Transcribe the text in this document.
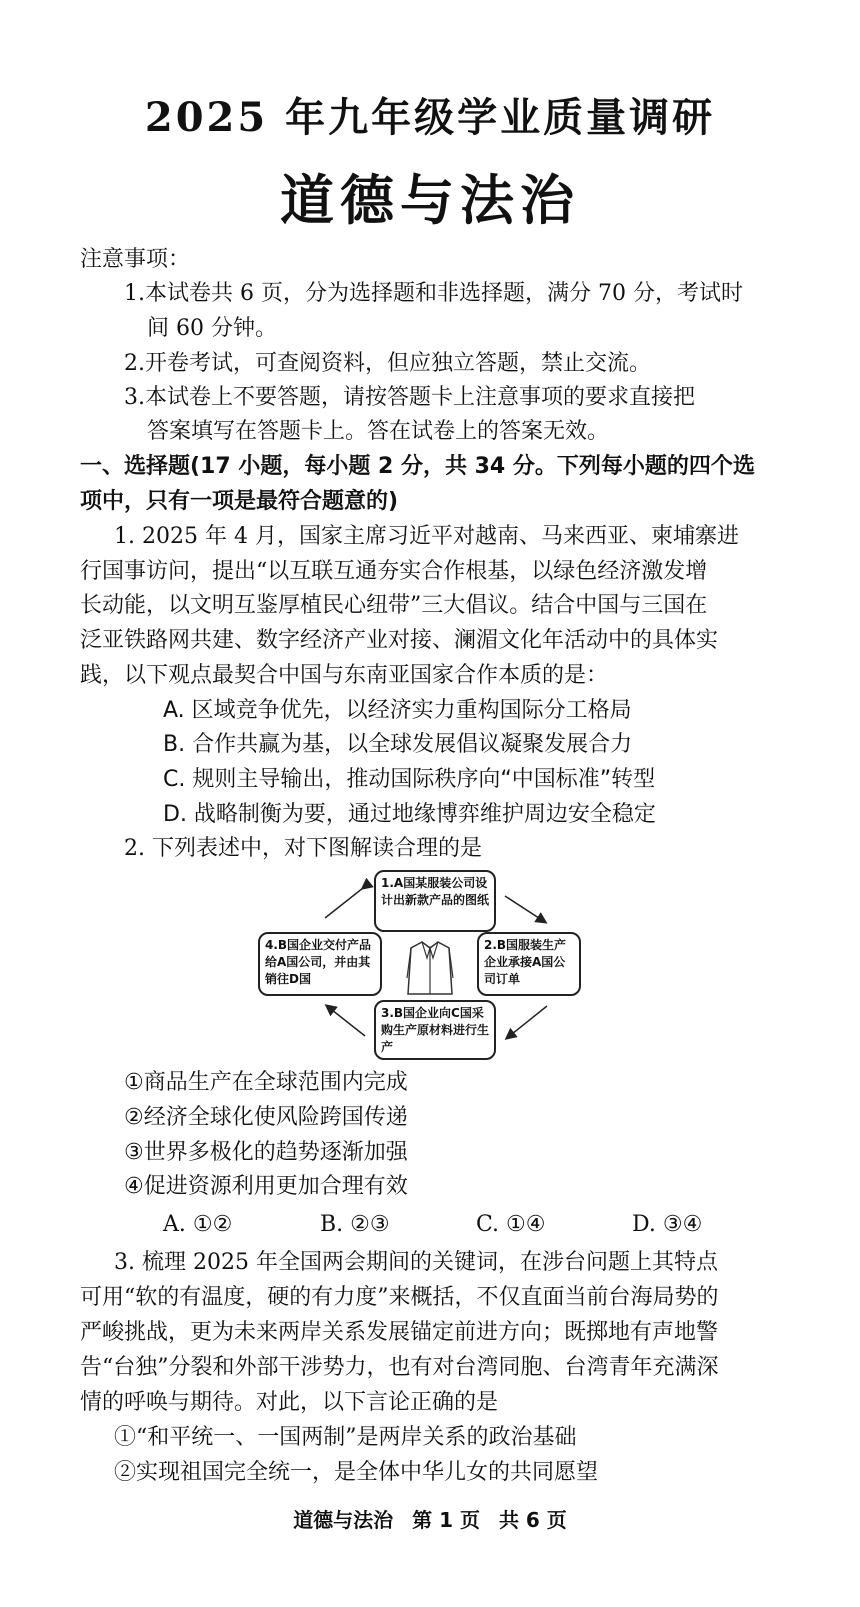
2025 年九年级学业质量调研
道德与法治
注意事项：
1.本试卷共 6 页，分为选择题和非选择题，满分 70 分，考试时
间 60 分钟。
2.开卷考试，可查阅资料，但应独立答题，禁止交流。
3.本试卷上不要答题，请按答题卡上注意事项的要求直接把
答案填写在答题卡上。答在试卷上的答案无效。
一、选择题(17 小题，每小题 2 分，共 34 分。下列每小题的四个选
项中，只有一项是最符合题意的)
1. 2025 年 4 月，国家主席习近平对越南、马来西亚、柬埔寨进
行国事访问，提出“以互联互通夯实合作根基，以绿色经济激发增
长动能，以文明互鉴厚植民心纽带”三大倡议。结合中国与三国在
泛亚铁路网共建、数字经济产业对接、澜湄文化年活动中的具体实
践，以下观点最契合中国与东南亚国家合作本质的是：
A. 区域竞争优先，以经济实力重构国际分工格局
B. 合作共赢为基，以全球发展倡议凝聚发展合力
C. 规则主导输出，推动国际秩序向“中国标准”转型
D. 战略制衡为要，通过地缘博弈维护周边安全稳定
2. 下列表述中，对下图解读合理的是
1.A国某服装公司设计出新款产品的图纸
2.B国服装生产企业承接A国公司订单
3.B国企业向C国采购生产原材料进行生产
4.B国企业交付产品给A国公司，并由其销往D国
①商品生产在全球范围内完成
②经济全球化使风险跨国传递
③世界多极化的趋势逐渐加强
④促进资源利用更加合理有效
A. ①②	B. ②③	C. ①④	D. ③④
3. 梳理 2025 年全国两会期间的关键词，在涉台问题上其特点
可用“软的有温度，硬的有力度”来概括，不仅直面当前台海局势的
严峻挑战，更为未来两岸关系发展锚定前进方向；既掷地有声地警
告“台独”分裂和外部干涉势力，也有对台湾同胞、台湾青年充满深
情的呼唤与期待。对此，以下言论正确的是
①“和平统一、一国两制”是两岸关系的政治基础
②实现祖国完全统一，是全体中华儿女的共同愿望
道德与法治 第 1 页 共 6 页
